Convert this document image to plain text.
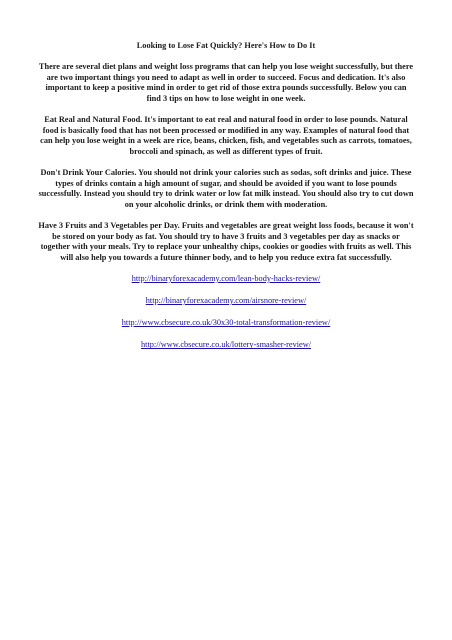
Looking to Lose Fat Quickly? Here's How to Do It

There are several diet plans and weight loss programs that can help you lose weight successfully, but there are two important things you need to adapt as well in order to succeed. Focus and dedication. It's also important to keep a positive mind in order to get rid of those extra pounds successfully. Below you can find 3 tips on how to lose weight in one week.

Eat Real and Natural Food. It's important to eat real and natural food in order to lose pounds. Natural food is basically food that has not been processed or modified in any way. Examples of natural food that can help you lose weight in a week are rice, beans, chicken, fish, and vegetables such as carrots, tomatoes, broccoli and spinach, as well as different types of fruit.

Don't Drink Your Calories. You should not drink your calories such as sodas, soft drinks and juice. These types of drinks contain a high amount of sugar, and should be avoided if you want to lose pounds successfully. Instead you should try to drink water or low fat milk instead. You should also try to cut down on your alcoholic drinks, or drink them with moderation.

Have 3 Fruits and 3 Vegetables per Day. Fruits and vegetables are great weight loss foods, because it won't be stored on your body as fat. You should try to have 3 fruits and 3 vegetables per day as snacks or together with your meals. Try to replace your unhealthy chips, cookies or goodies with fruits as well. This will also help you towards a future thinner body, and to help you reduce extra fat successfully.

http://binaryforexacademy.com/lean-body-hacks-review/

http://binaryforexacademy.com/airsnore-review/

http://www.cbsecure.co.uk/30x30-total-transformation-review/

http://www.cbsecure.co.uk/lottery-smasher-review/
